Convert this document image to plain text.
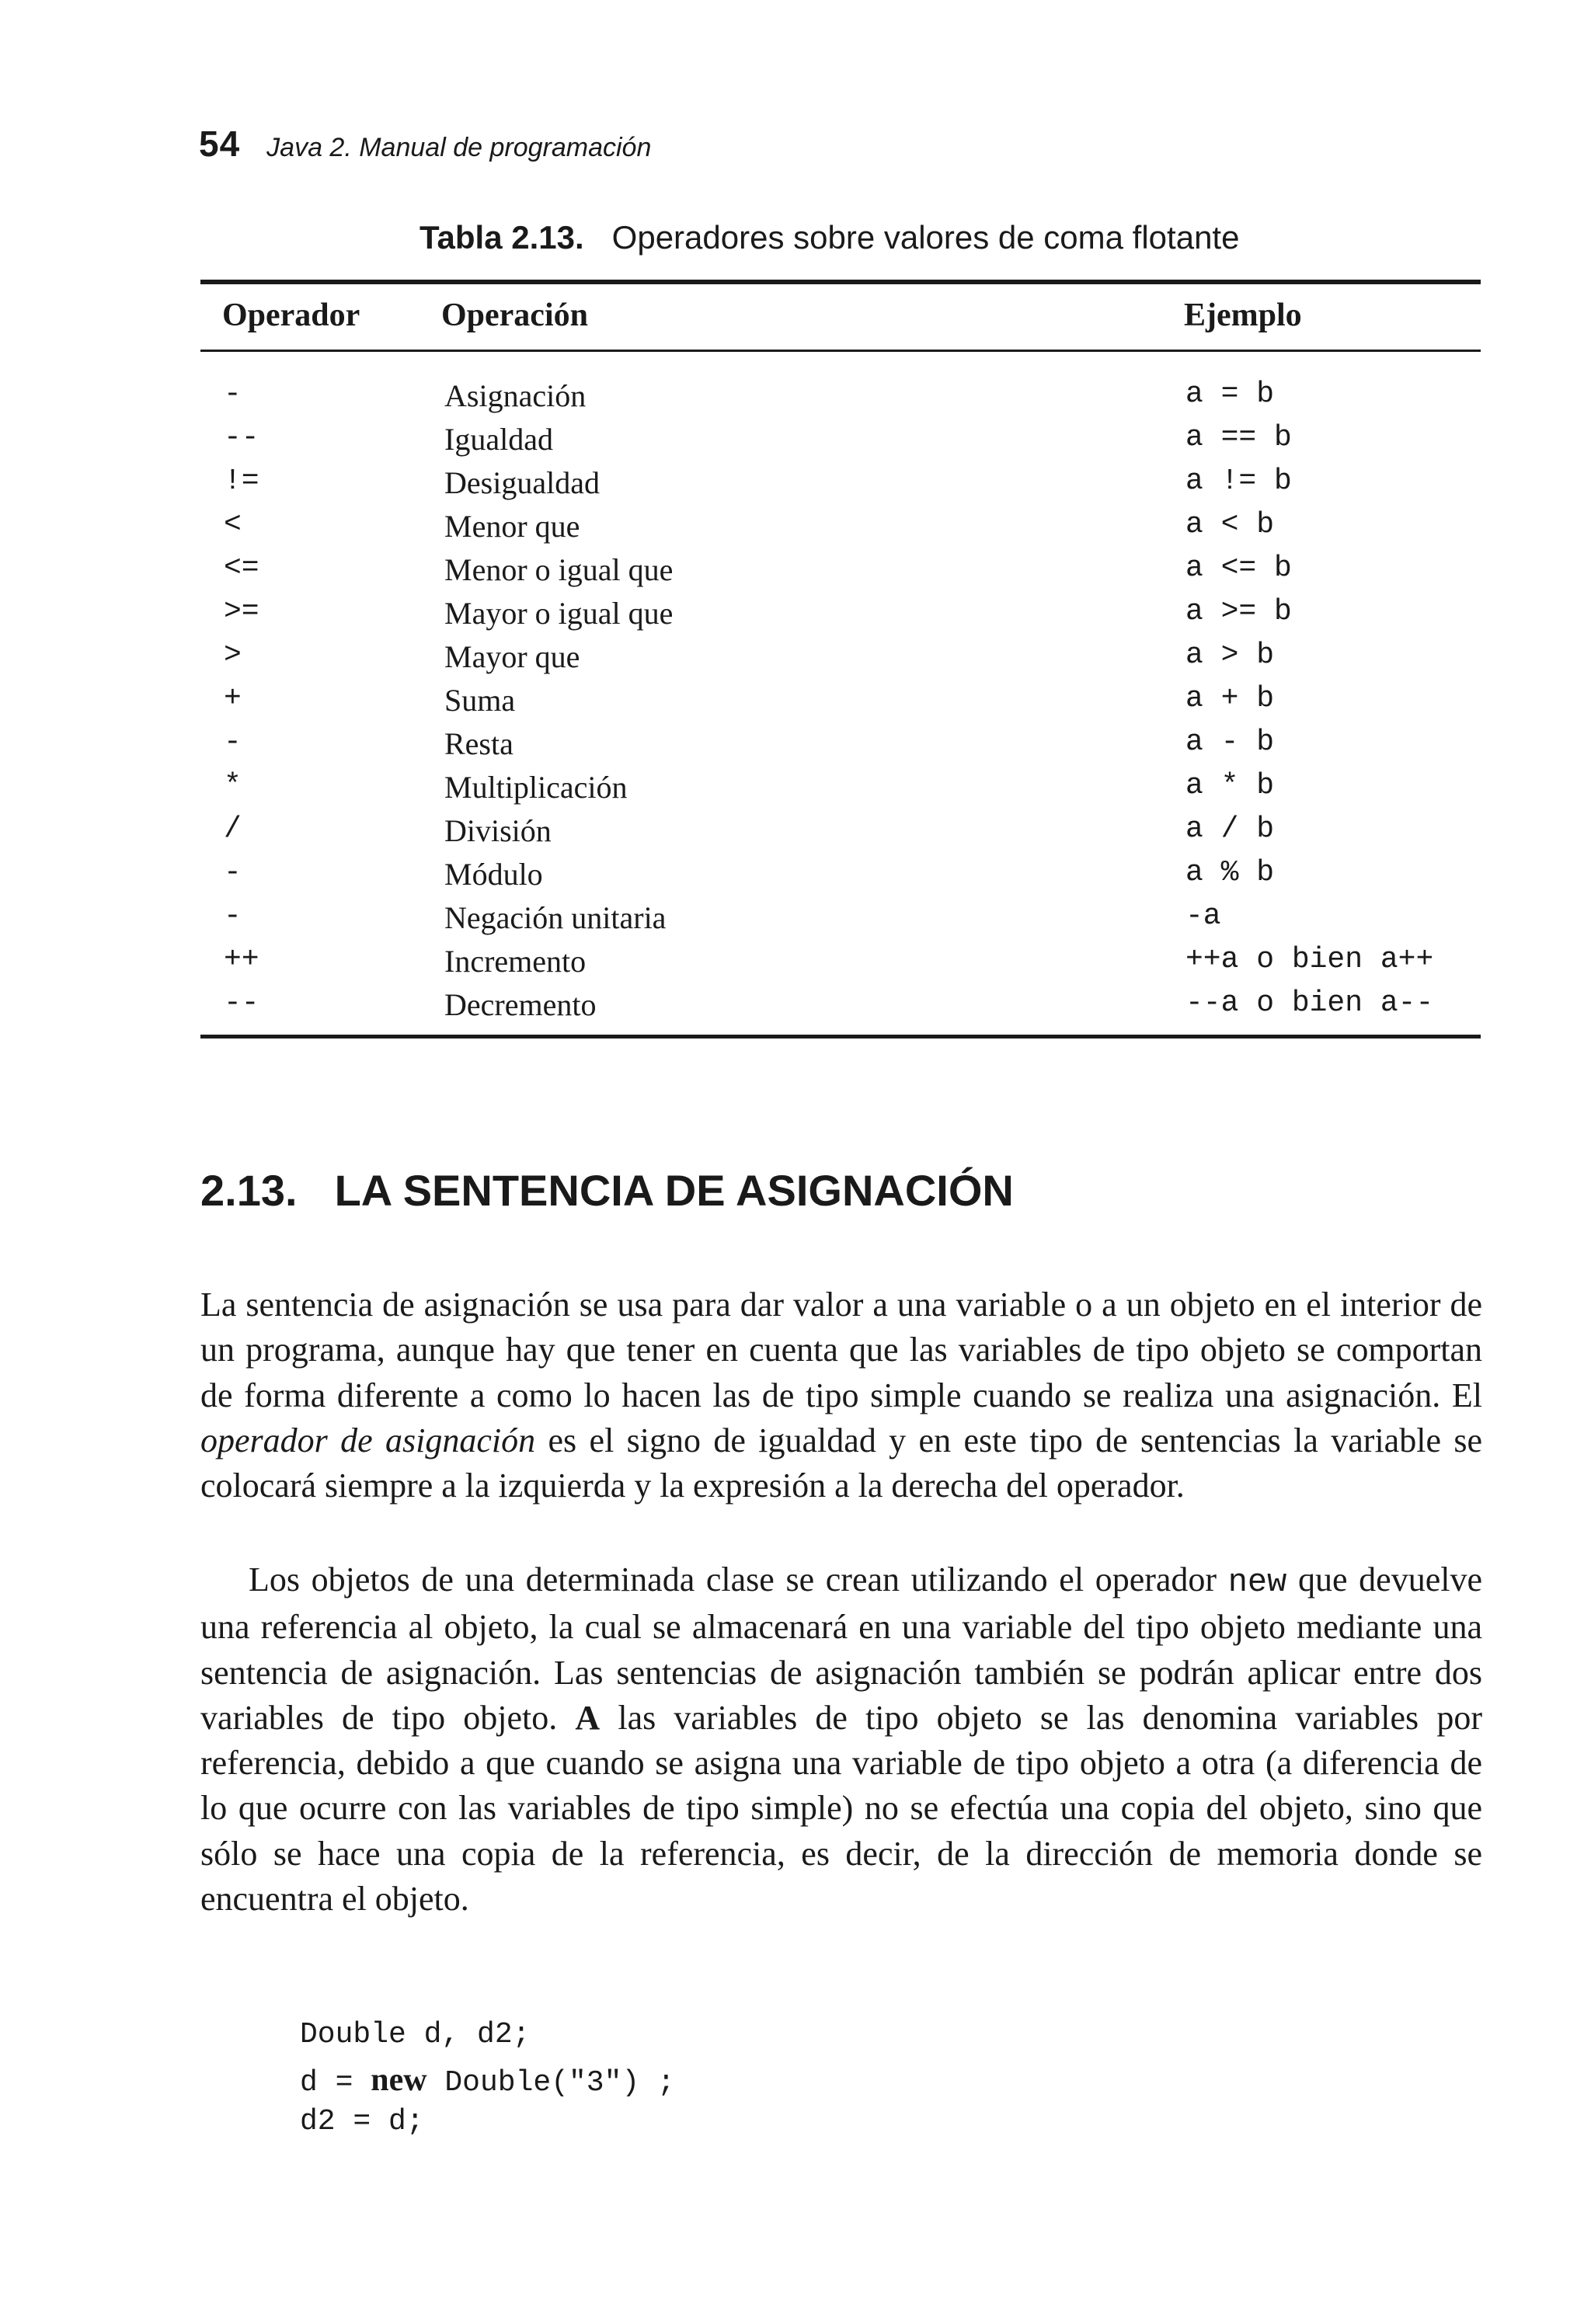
54 Java 2. Manual de programación
Tabla 2.13. Operadores sobre valores de coma flotante
Operador Operación	Ejemplo
-	Asignación	a = b
--	Igualdad	a == b
!=	Desigualdad	a != b
<	Menor que	a < b
<=	Menor o igual que	a <= b
>=	Mayor o igual que	a >= b
>	Mayor que	a > b
+	Suma	a + b
-	Resta	a - b
*	Multiplicación	a * b
/	División	a / b
-	Módulo	a % b
-	Negación unitaria	-a
++	Incremento	++a o bien a++
--	Decremento	--a o bien a--
2.13. LA SENTENCIA DE ASIGNACIÓN
La sentencia de asignación se usa para dar valor a una variable o a un objeto en el interior de un programa, aunque hay que tener en cuenta que las variables de tipo objeto se comportan de forma diferente a como lo hacen las de tipo simple cuando se realiza una asignación. El operador de asignación es el signo de igualdad y en este tipo de sentencias la variable se colocará siempre a la izquierda y la expresión a la derecha del operador.
Los objetos de una determinada clase se crean utilizando el operador new que devuelve una referencia al objeto, la cual se almacenará en una variable del tipo objeto mediante una sentencia de asignación. Las sentencias de asignación también se podrán aplicar entre dos variables de tipo objeto. A las variables de tipo objeto se las denomina variables por referencia, debido a que cuando se asigna una variable de tipo objeto a otra (a diferencia de lo que ocurre con las variables de tipo simple) no se efectúa una copia del objeto, sino que sólo se hace una copia de la referencia, es decir, de la dirección de memoria donde se encuentra el objeto.
Double d, d2;
d = new Double("3") ;
d2 = d;
